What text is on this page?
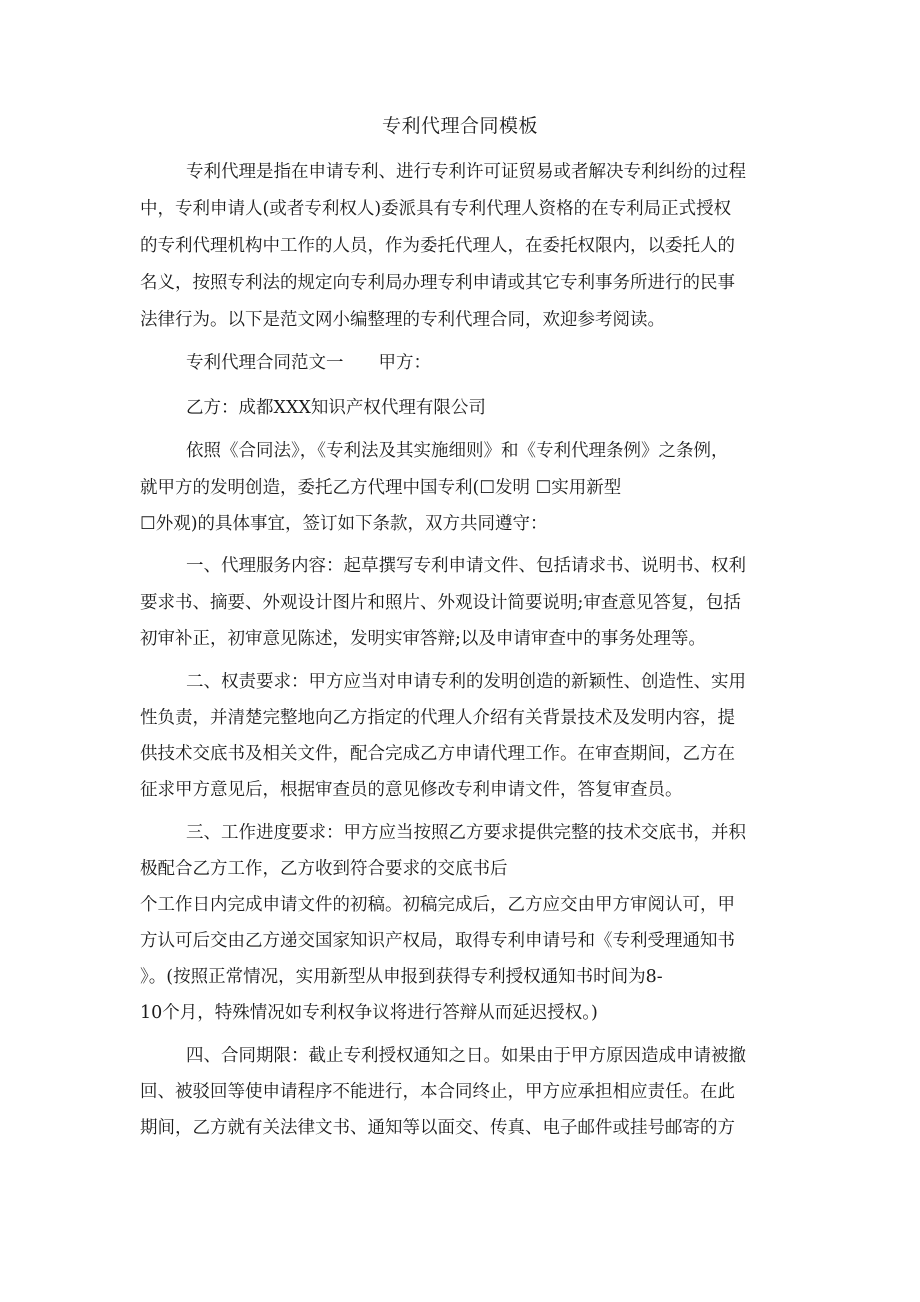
专利代理合同模板

专利代理是指在申请专利、进行专利许可证贸易或者解决专利纠纷的过程

中，专利申请人(或者专利权人)委派具有专利代理人资格的在专利局正式授权

的专利代理机构中工作的人员，作为委托代理人，在委托权限内，以委托人的

名义，按照专利法的规定向专利局办理专利申请或其它专利事务所进行的民事

法律行为。以下是范文网小编整理的专利代理合同，欢迎参考阅读。

专利代理合同范文一　　甲方：

乙方：成都XXX知识产权代理有限公司

依照《合同法》，《专利法及其实施细则》和《专利代理条例》之条例，

就甲方的发明创造，委托乙方代理中国专利(☐发明 ☐实用新型

☐外观)的具体事宜，签订如下条款，双方共同遵守：

一、代理服务内容：起草撰写专利申请文件、包括请求书、说明书、权利

要求书、摘要、外观设计图片和照片、外观设计简要说明;审查意见答复，包括

初审补正，初审意见陈述，发明实审答辩;以及申请审查中的事务处理等。

二、权责要求：甲方应当对申请专利的发明创造的新颖性、创造性、实用

性负责，并清楚完整地向乙方指定的代理人介绍有关背景技术及发明内容，提

供技术交底书及相关文件，配合完成乙方申请代理工作。在审查期间，乙方在

征求甲方意见后，根据审查员的意见修改专利申请文件，答复审查员。

三、工作进度要求：甲方应当按照乙方要求提供完整的技术交底书，并积

极配合乙方工作，乙方收到符合要求的交底书后

个工作日内完成申请文件的初稿。初稿完成后，乙方应交由甲方审阅认可，甲

方认可后交由乙方递交国家知识产权局，取得专利申请号和《专利受理通知书

》。(按照正常情况，实用新型从申报到获得专利授权通知书时间为8-

10个月，特殊情况如专利权争议将进行答辩从而延迟授权。)

四、合同期限：截止专利授权通知之日。如果由于甲方原因造成申请被撤

回、被驳回等使申请程序不能进行，本合同终止，甲方应承担相应责任。在此

期间，乙方就有关法律文书、通知等以面交、传真、电子邮件或挂号邮寄的方
